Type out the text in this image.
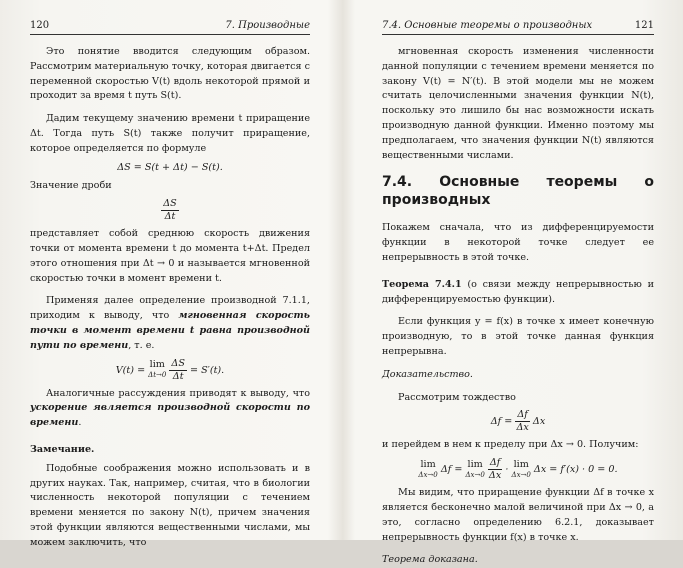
120	7. Производные

Это понятие вводится следующим образом. Рассмотрим материальную точку, которая двигается с переменной скоростью V(t) вдоль некоторой прямой и проходит за время t путь S(t).

Дадим текущему значению времени t приращение Δt. Тогда путь S(t) также получит приращение, которое определяется по формуле

ΔS = S(t + Δt) − S(t).

Значение дроби

$\frac{\Delta S}{\Delta t}$

представляет собой среднюю скорость движения точки от момента времени t до момента t+Δt. Предел этого отношения при Δt → 0 и называется мгновенной скоростью точки в момент времени t.

Применяя далее определение производной 7.1.1, приходим к выводу, что мгновенная скорость точки в момент времени t равна производной пути по времени, т. е.

V(t) = lim
Δt→0
$\frac{\Delta S}{\Delta t} = S'(t)$.

Аналогичные рассуждения приводят к выводу, что ускорение является производной скорости по времени.

Замечание.

Подобные соображения можно использовать и в других науках. Так, например, считая, что в биологии численность некоторой популяции с течением времени меняется по закону N(t), причем значения этой функции являются вещественными числами, мы можем заключить, что

7.4. Основные теоремы о производных	121

мгновенная скорость изменения численности данной популяции с течением времени меняется по закону V(t) = N′(t). В этой модели мы не можем считать целочисленными значения функции N(t), поскольку это лишило бы нас возможности искать производную данной функции. Именно поэтому мы предполагаем, что значения функции N(t) являются вещественными числами.

7.4. Основные теоремы о производных

Покажем сначала, что из дифференцируемости функции в некоторой точке следует ее непрерывность в этой точке.

Теорема 7.4.1 (о связи между непрерывностью и дифференцируемостью функции).

Если функция y = f(x) в точке x имеет конечную производную, то в этой точке данная функция непрерывна.

Доказательство.

Рассмотрим тождество

$\Delta f = \frac{\Delta f}{\Delta x}$ Δx

и перейдем в нем к пределу при Δx → 0. Получим:

lim
Δx→0 Δf = lim
Δx→0
$\frac{\Delta f}{\Delta x} \cdot \lim$
Δx→0 Δx = f′(x) · 0 = 0.

Мы видим, что приращение функции Δf в точке x является бесконечно малой величиной при Δx → 0, а это, согласно определению 6.2.1, доказывает непрерывность функции f(x) в точке x.

Теорема доказана.
